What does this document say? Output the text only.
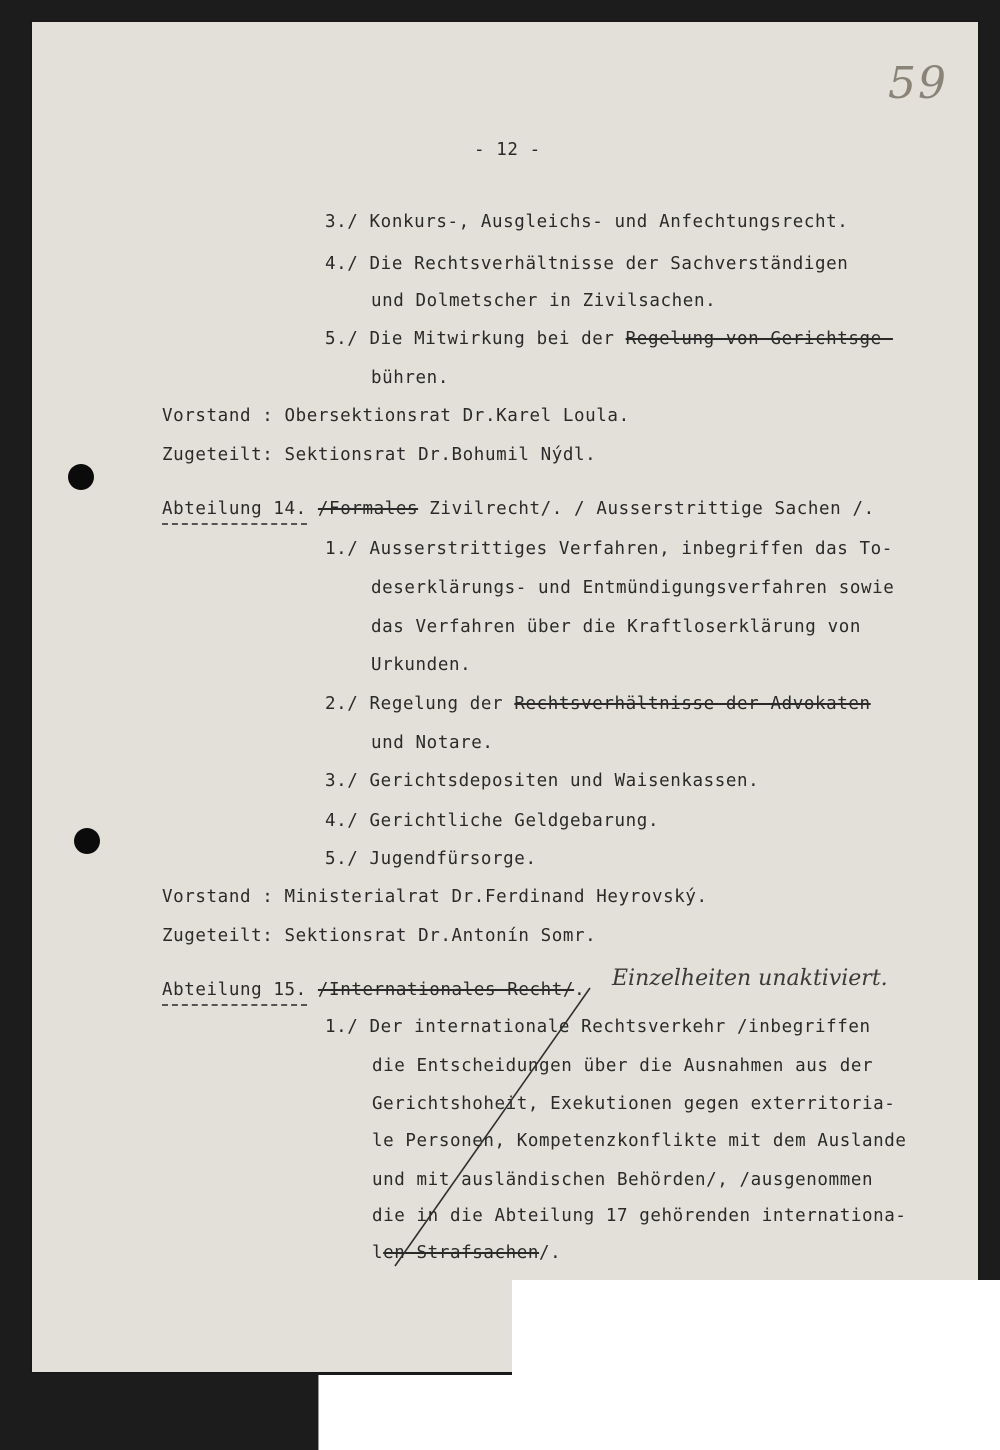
59
- 12 -
3./ Konkurs-, Ausgleichs- und Anfechtungsrecht.
4./ Die Rechtsverhältnisse der Sachverständigen
und Dolmetscher in Zivilsachen.
5./ Die Mitwirkung bei der Regelung von Gerichtsge-
bühren.
Vorstand : Obersektionsrat Dr.Karel Loula.
Zugeteilt: Sektionsrat Dr.Bohumil Nýdl.
Abteilung 14. /Formales Zivilrecht/. / Ausserstrittige Sachen /.
1./ Ausserstrittiges Verfahren, inbegriffen das To-
deserklärungs- und Entmündigungsverfahren sowie
das Verfahren über die Kraftloserklärung von
Urkunden.
2./ Regelung der Rechtsverhältnisse der Advokaten
und Notare.
3./ Gerichtsdepositen und Waisenkassen.
4./ Gerichtliche Geldgebarung.
5./ Jugendfürsorge.
Vorstand : Ministerialrat Dr.Ferdinand Heyrovský.
Zugeteilt: Sektionsrat Dr.Antonín Somr.
Abteilung 15. /Internationales Recht/. Einzelheiten unaktiviert.
1./ Der internationale Rechtsverkehr /inbegriffen
die Entscheidungen über die Ausnahmen aus der
Gerichtshoheit, Exekutionen gegen exterritoria-
le Personen, Kompetenzkonflikte mit dem Auslande
und mit ausländischen Behörden/, /ausgenommen
die in die Abteilung 17 gehörenden internationa-
len Strafsachen/.
